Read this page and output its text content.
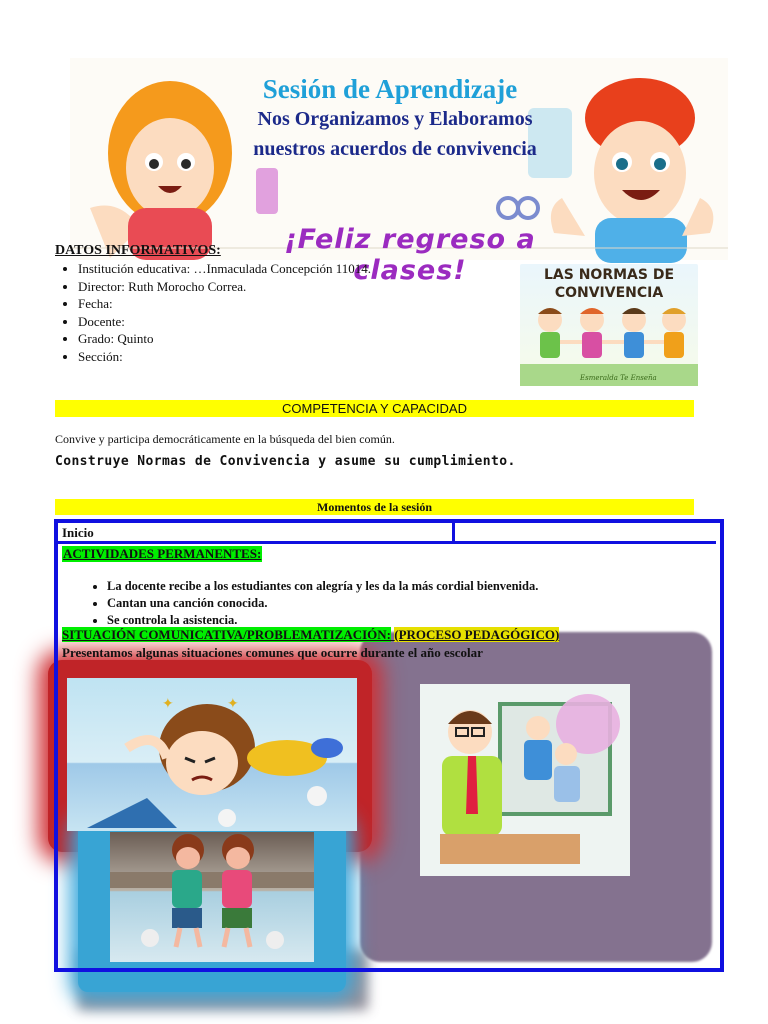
Sesión de Aprendizaje
Nos Organizamos y Elaboramos
nuestros acuerdos de convivencia
¡Feliz regreso a clases!
DATOS INFORMATIVOS:
• Institución educativa: …Inmaculada Concepción 11014.
• Director: Ruth Morocho Correa.
• Fecha:
• Docente:
• Grado: Quinto
• Sección:
LAS NORMAS DE
CONVIVENCIA
Esmeralda Te Enseña
COMPETENCIA Y CAPACIDAD
Convive y participa democráticamente en la búsqueda del bien común.
Construye Normas de Convivencia y asume su cumplimiento.
Momentos de la sesión
✦	✦
Inicio
ACTIVIDADES PERMANENTES:
• La docente recibe a los estudiantes con alegría y les da la más cordial bienvenida.
• Cantan una canción conocida.
• Se controla la asistencia.
SITUACIÓN COMUNICATIVA/PROBLEMATIZACIÓN: (PROCESO PEDAGÓGICO)
Presentamos algunas situaciones comunes que ocurre durante el año escolar
